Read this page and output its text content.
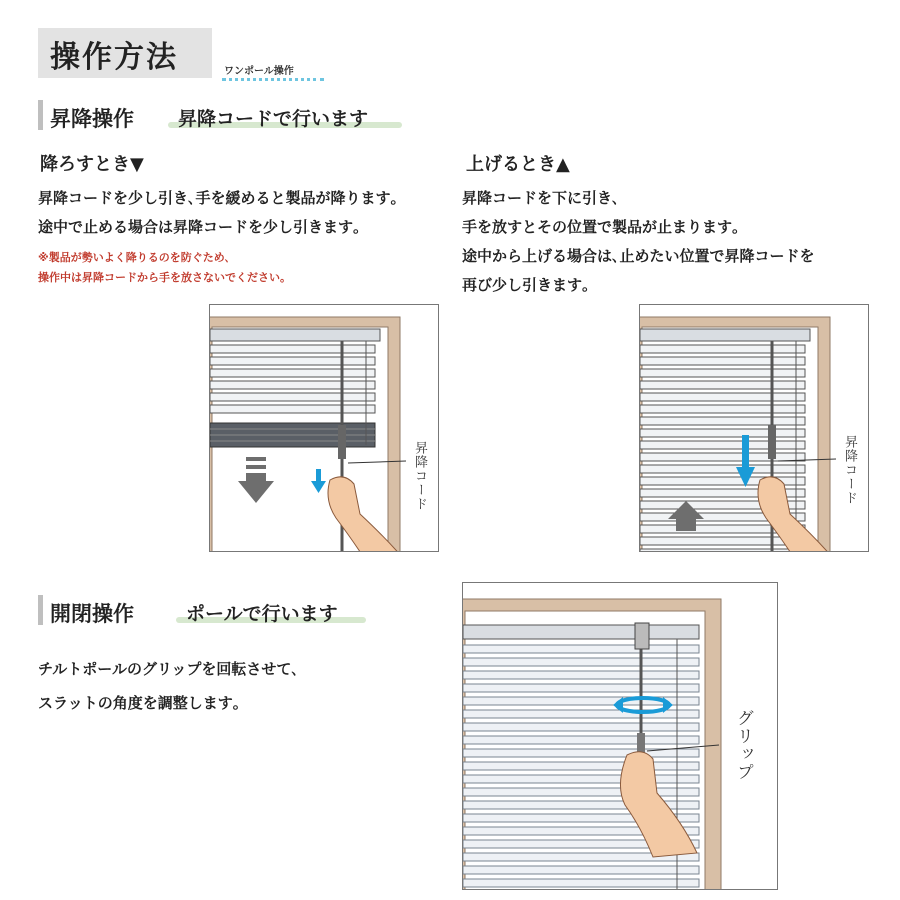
操作方法	ワンポール操作
昇降操作 昇降コードで行います
降ろすとき▼
昇降コードを少し引き､手を緩めると製品が降ります｡
途中で止める場合は昇降コードを少し引きます｡
※製品が勢いよく降りるのを防ぐため､
操作中は昇降コードから手を放さないでください｡
上げるとき▲
昇降コードを下に引き､
手を放すとその位置で製品が止まります｡
途中から上げる場合は､止めたい位置で昇降コードを
再び少し引きます｡
昇降コード	昇降コード
開閉操作	ポールで行います
チルトポールのグリップを回転させて､
スラットの角度を調整します｡
グリップ
